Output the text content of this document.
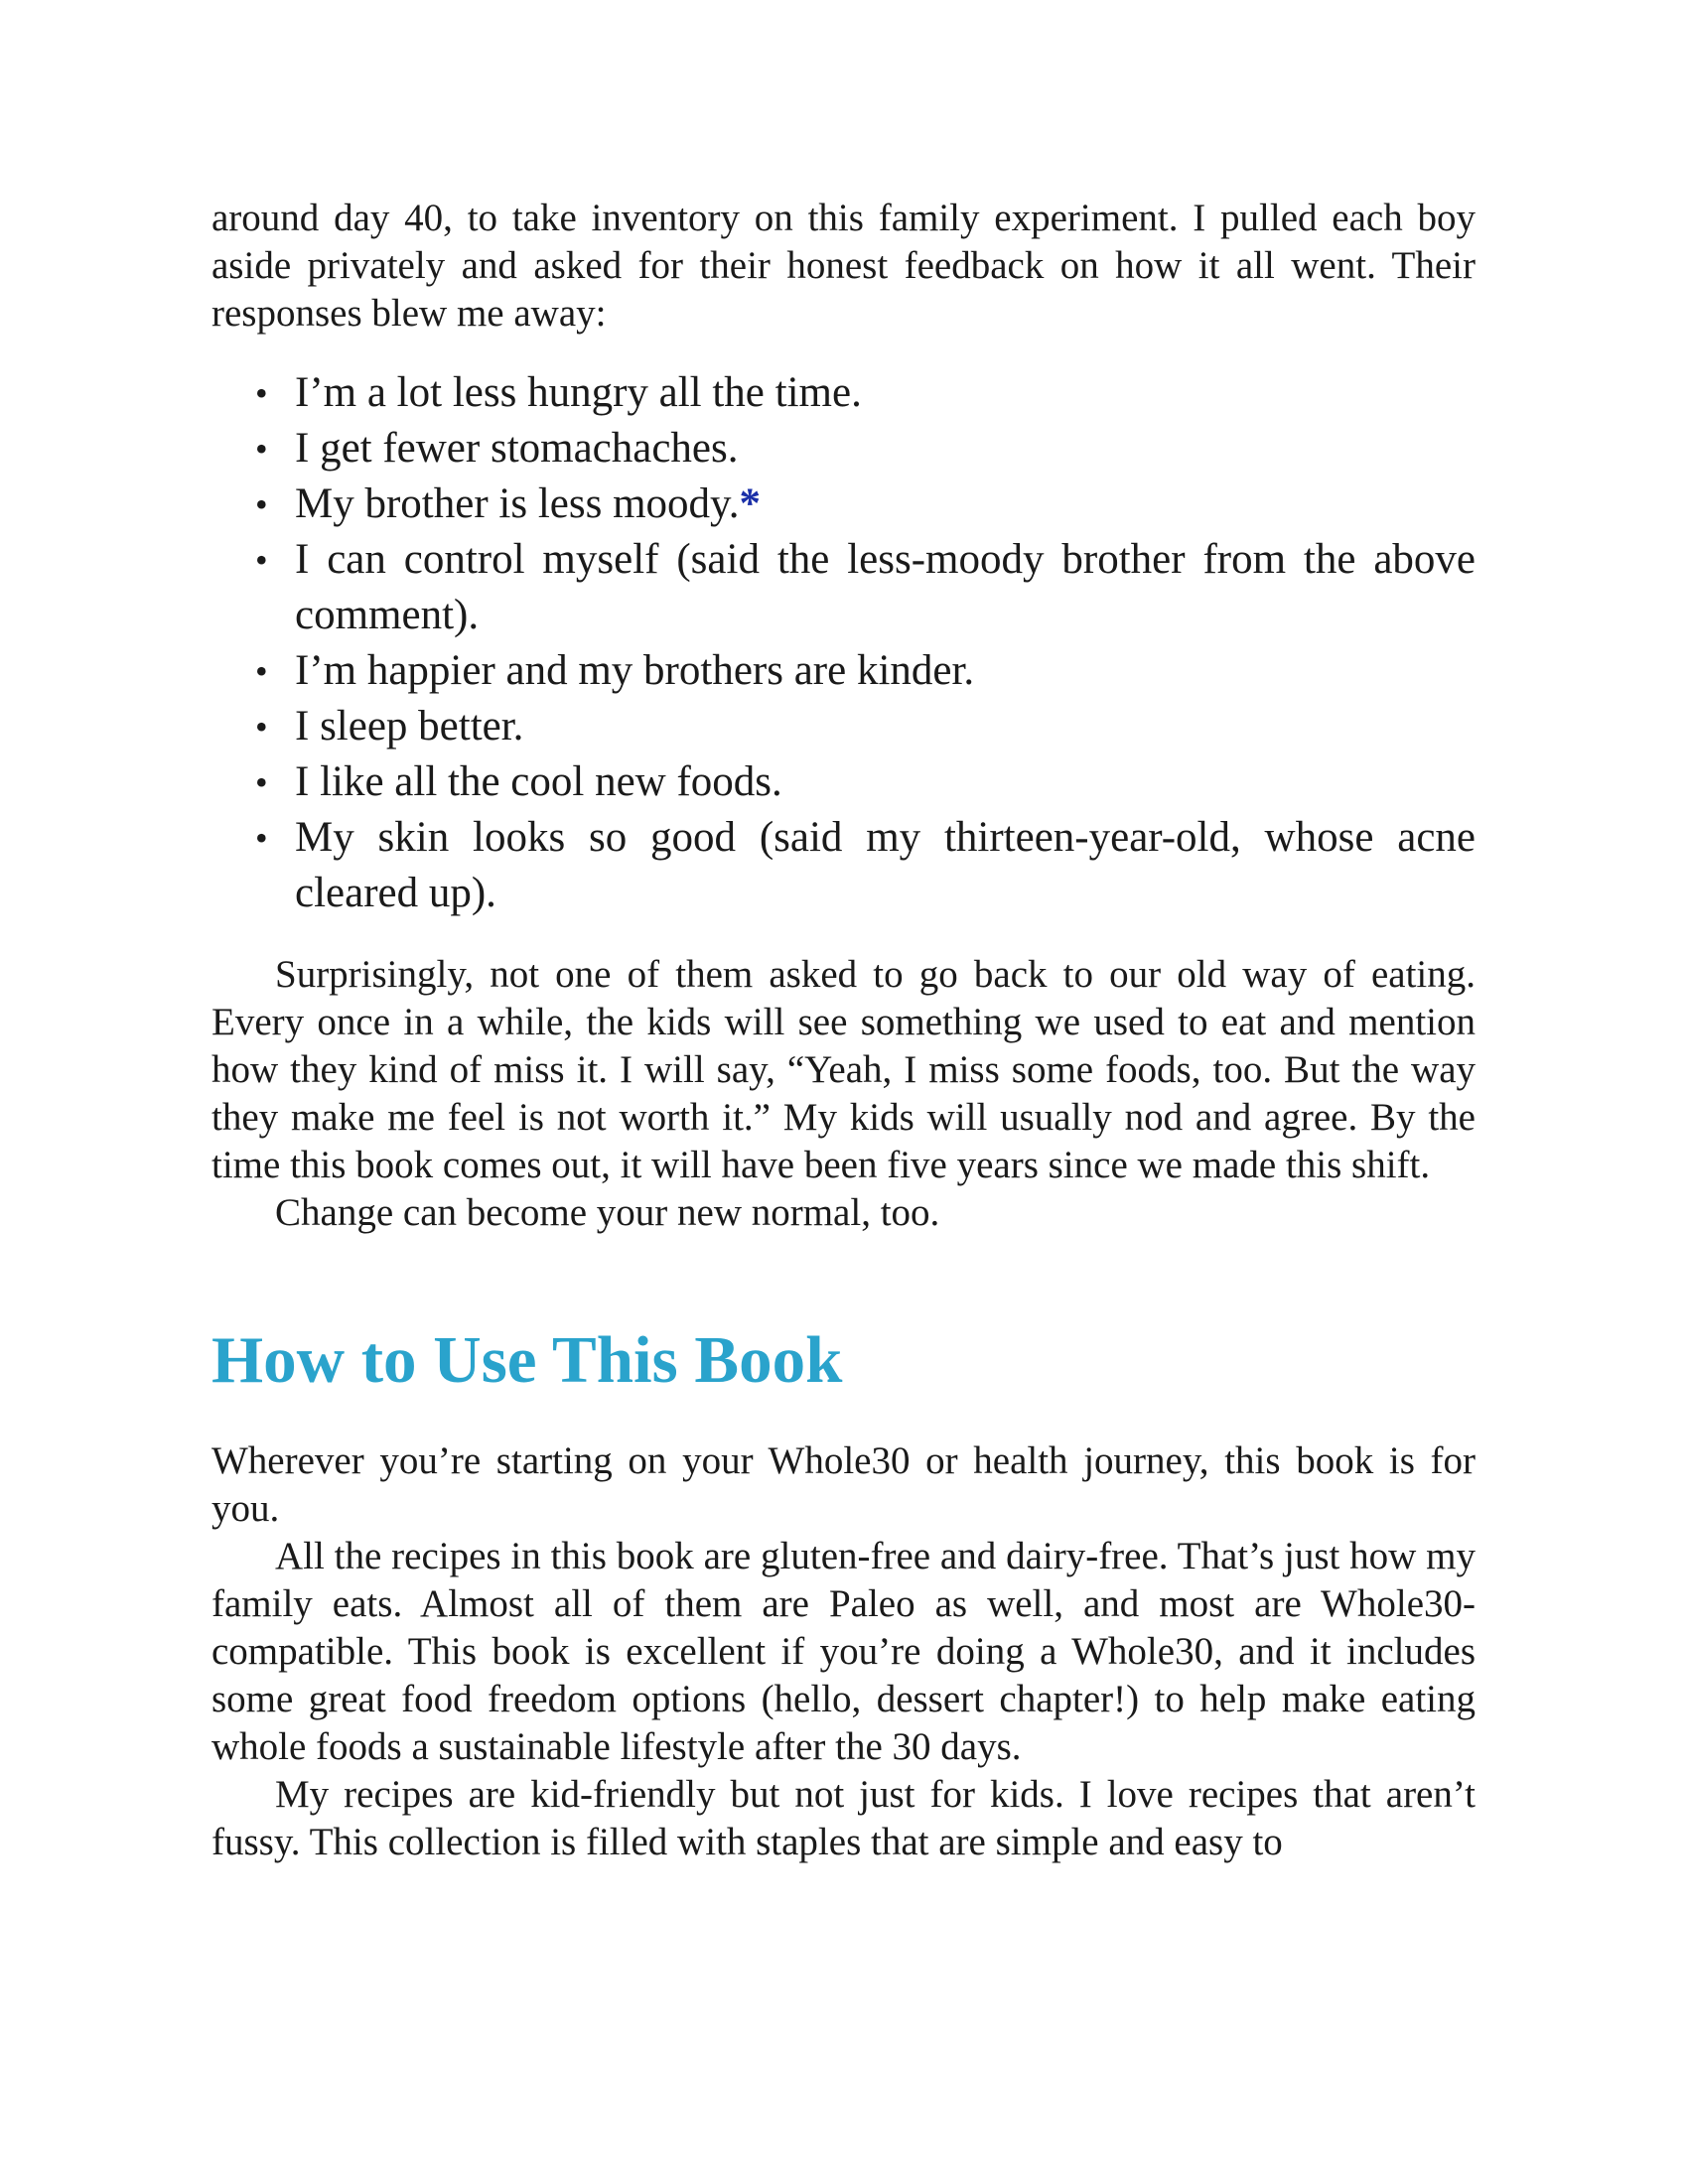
around day 40, to take inventory on this family experiment. I pulled each boy aside privately and asked for their honest feedback on how it all went. Their responses blew me away:

• I’m a lot less hungry all the time.
• I get fewer stomachaches.
• My brother is less moody.*
• I can control myself (said the less-moody brother from the above comment).
• I’m happier and my brothers are kinder.
• I sleep better.
• I like all the cool new foods.
• My skin looks so good (said my thirteen-year-old, whose acne cleared up).

Surprisingly, not one of them asked to go back to our old way of eating. Every once in a while, the kids will see something we used to eat and mention how they kind of miss it. I will say, “Yeah, I miss some foods, too. But the way they make me feel is not worth it.” My kids will usually nod and agree. By the time this book comes out, it will have been five years since we made this shift.

Change can become your new normal, too.

How to Use This Book

Wherever you’re starting on your Whole30 or health journey, this book is for you.

All the recipes in this book are gluten-free and dairy-free. That’s just how my family eats. Almost all of them are Paleo as well, and most are Whole30-compatible. This book is excellent if you’re doing a Whole30, and it includes some great food freedom options (hello, dessert chapter!) to help make eating whole foods a sustainable lifestyle after the 30 days.

My recipes are kid-friendly but not just for kids. I love recipes that aren’t fussy. This collection is filled with staples that are simple and easy to
